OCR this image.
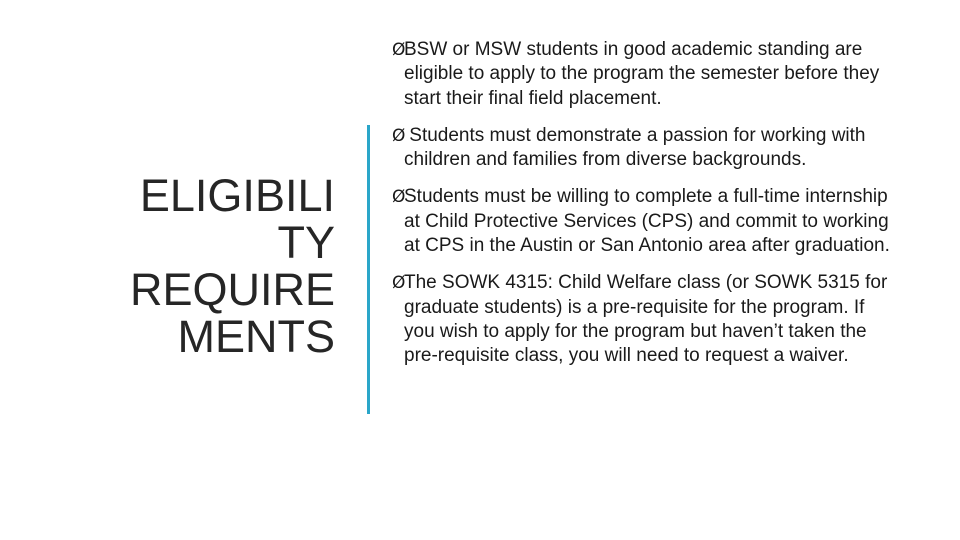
ELIGIBILI
TY
REQUIRE
MENTS
Ø
BSW or MSW students in good academic standing are eligible to apply to the program the semester before they start their final field placement.
Ø
Students must demonstrate a passion for working with children and families from diverse backgrounds.
Ø
Students must be willing to complete a full-time internship at Child Protective Services (CPS) and commit to working at CPS in the Austin or San Antonio area after graduation.
Ø
The SOWK 4315: Child Welfare class (or SOWK 5315 for graduate students) is a pre-requisite for the program. If you wish to apply for the program but haven’t taken the pre-requisite class, you will need to request a waiver.
